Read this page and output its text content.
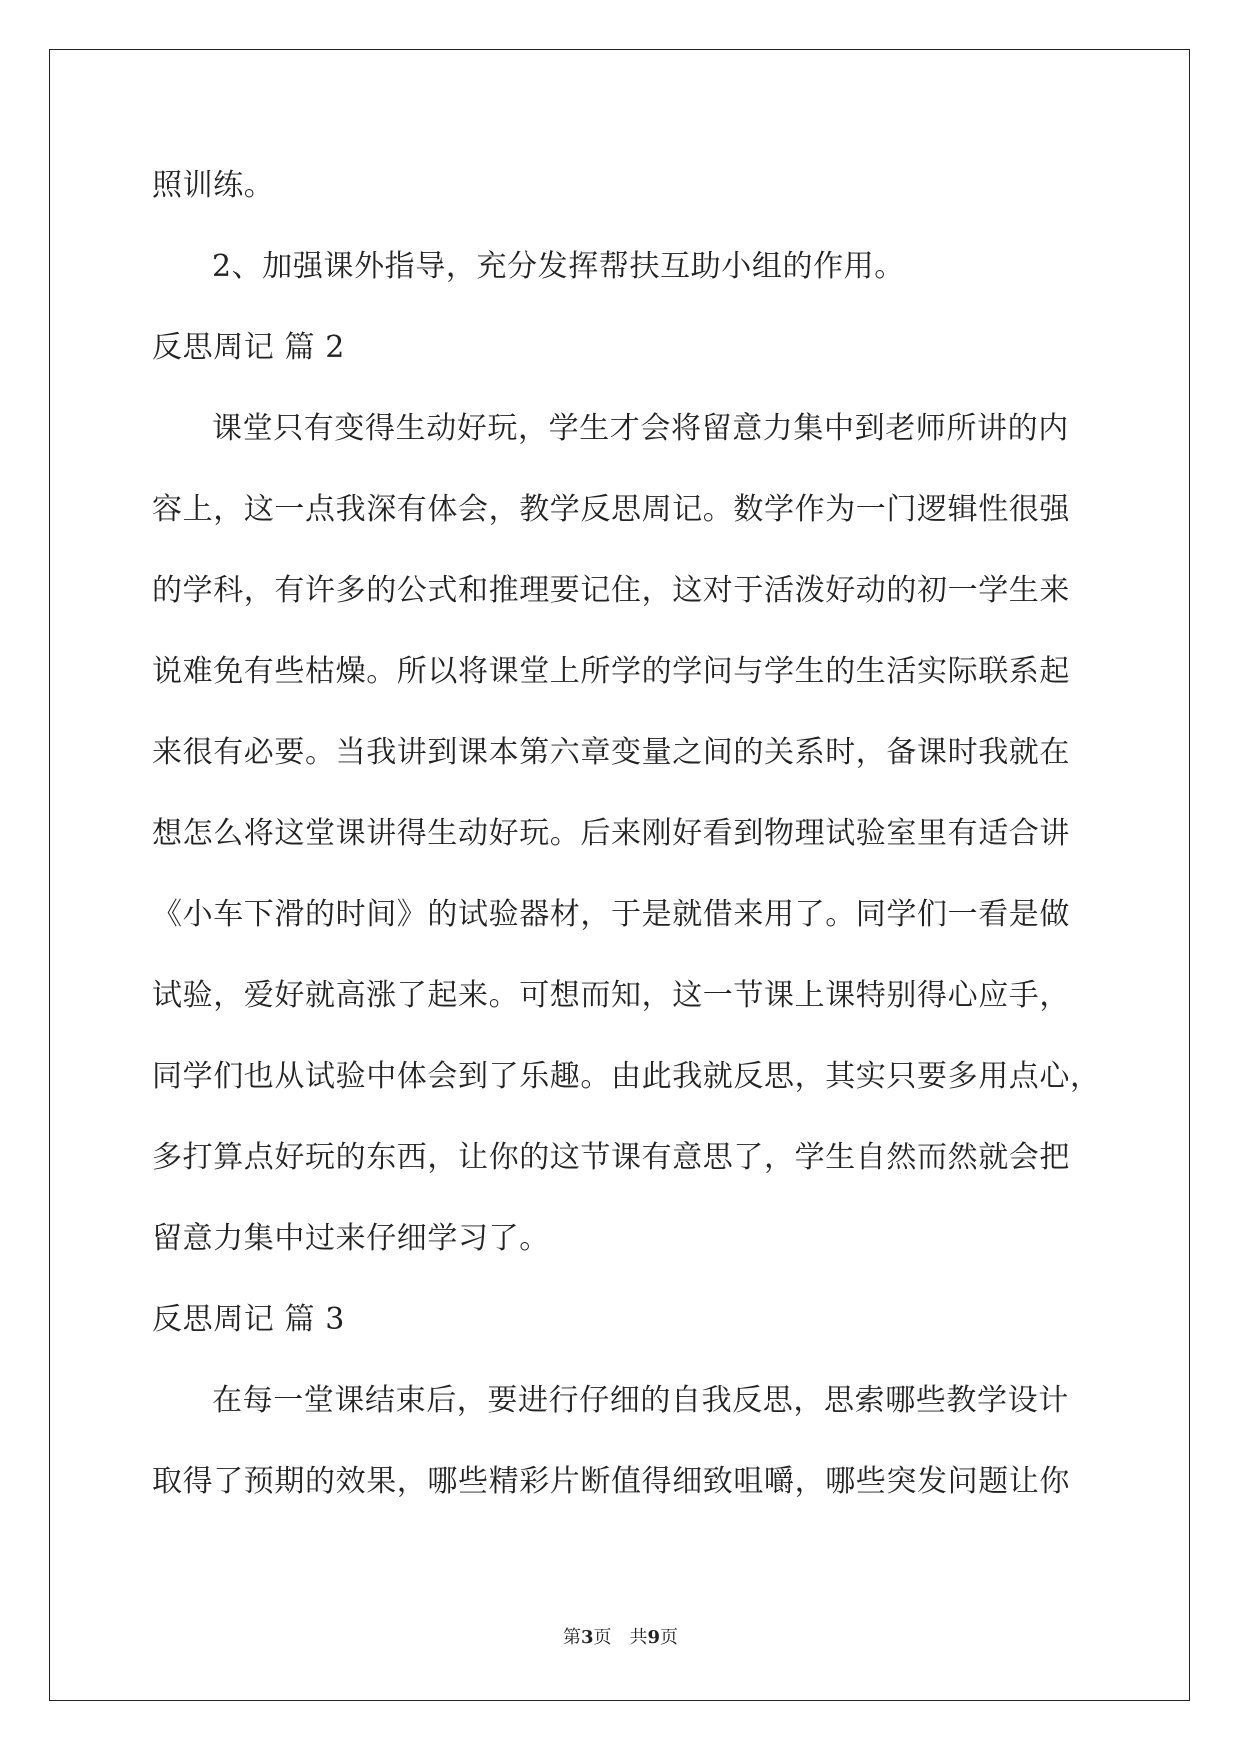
照训练。

2、加强课外指导，充分发挥帮扶互助小组的作用。

反思周记 篇 2

课堂只有变得生动好玩，学生才会将留意力集中到老师所讲的内

容上，这一点我深有体会，教学反思周记。数学作为一门逻辑性很强

的学科，有许多的公式和推理要记住，这对于活泼好动的初一学生来

说难免有些枯燥。所以将课堂上所学的学问与学生的生活实际联系起

来很有必要。当我讲到课本第六章变量之间的关系时，备课时我就在

想怎么将这堂课讲得生动好玩。后来刚好看到物理试验室里有适合讲

《小车下滑的时间》的试验器材，于是就借来用了。同学们一看是做

试验，爱好就高涨了起来。可想而知，这一节课上课特别得心应手，

同学们也从试验中体会到了乐趣。由此我就反思，其实只要多用点心，

多打算点好玩的东西，让你的这节课有意思了，学生自然而然就会把

留意力集中过来仔细学习了。

反思周记 篇 3

在每一堂课结束后，要进行仔细的自我反思，思索哪些教学设计

取得了预期的效果，哪些精彩片断值得细致咀嚼，哪些突发问题让你

第3页　共9页
